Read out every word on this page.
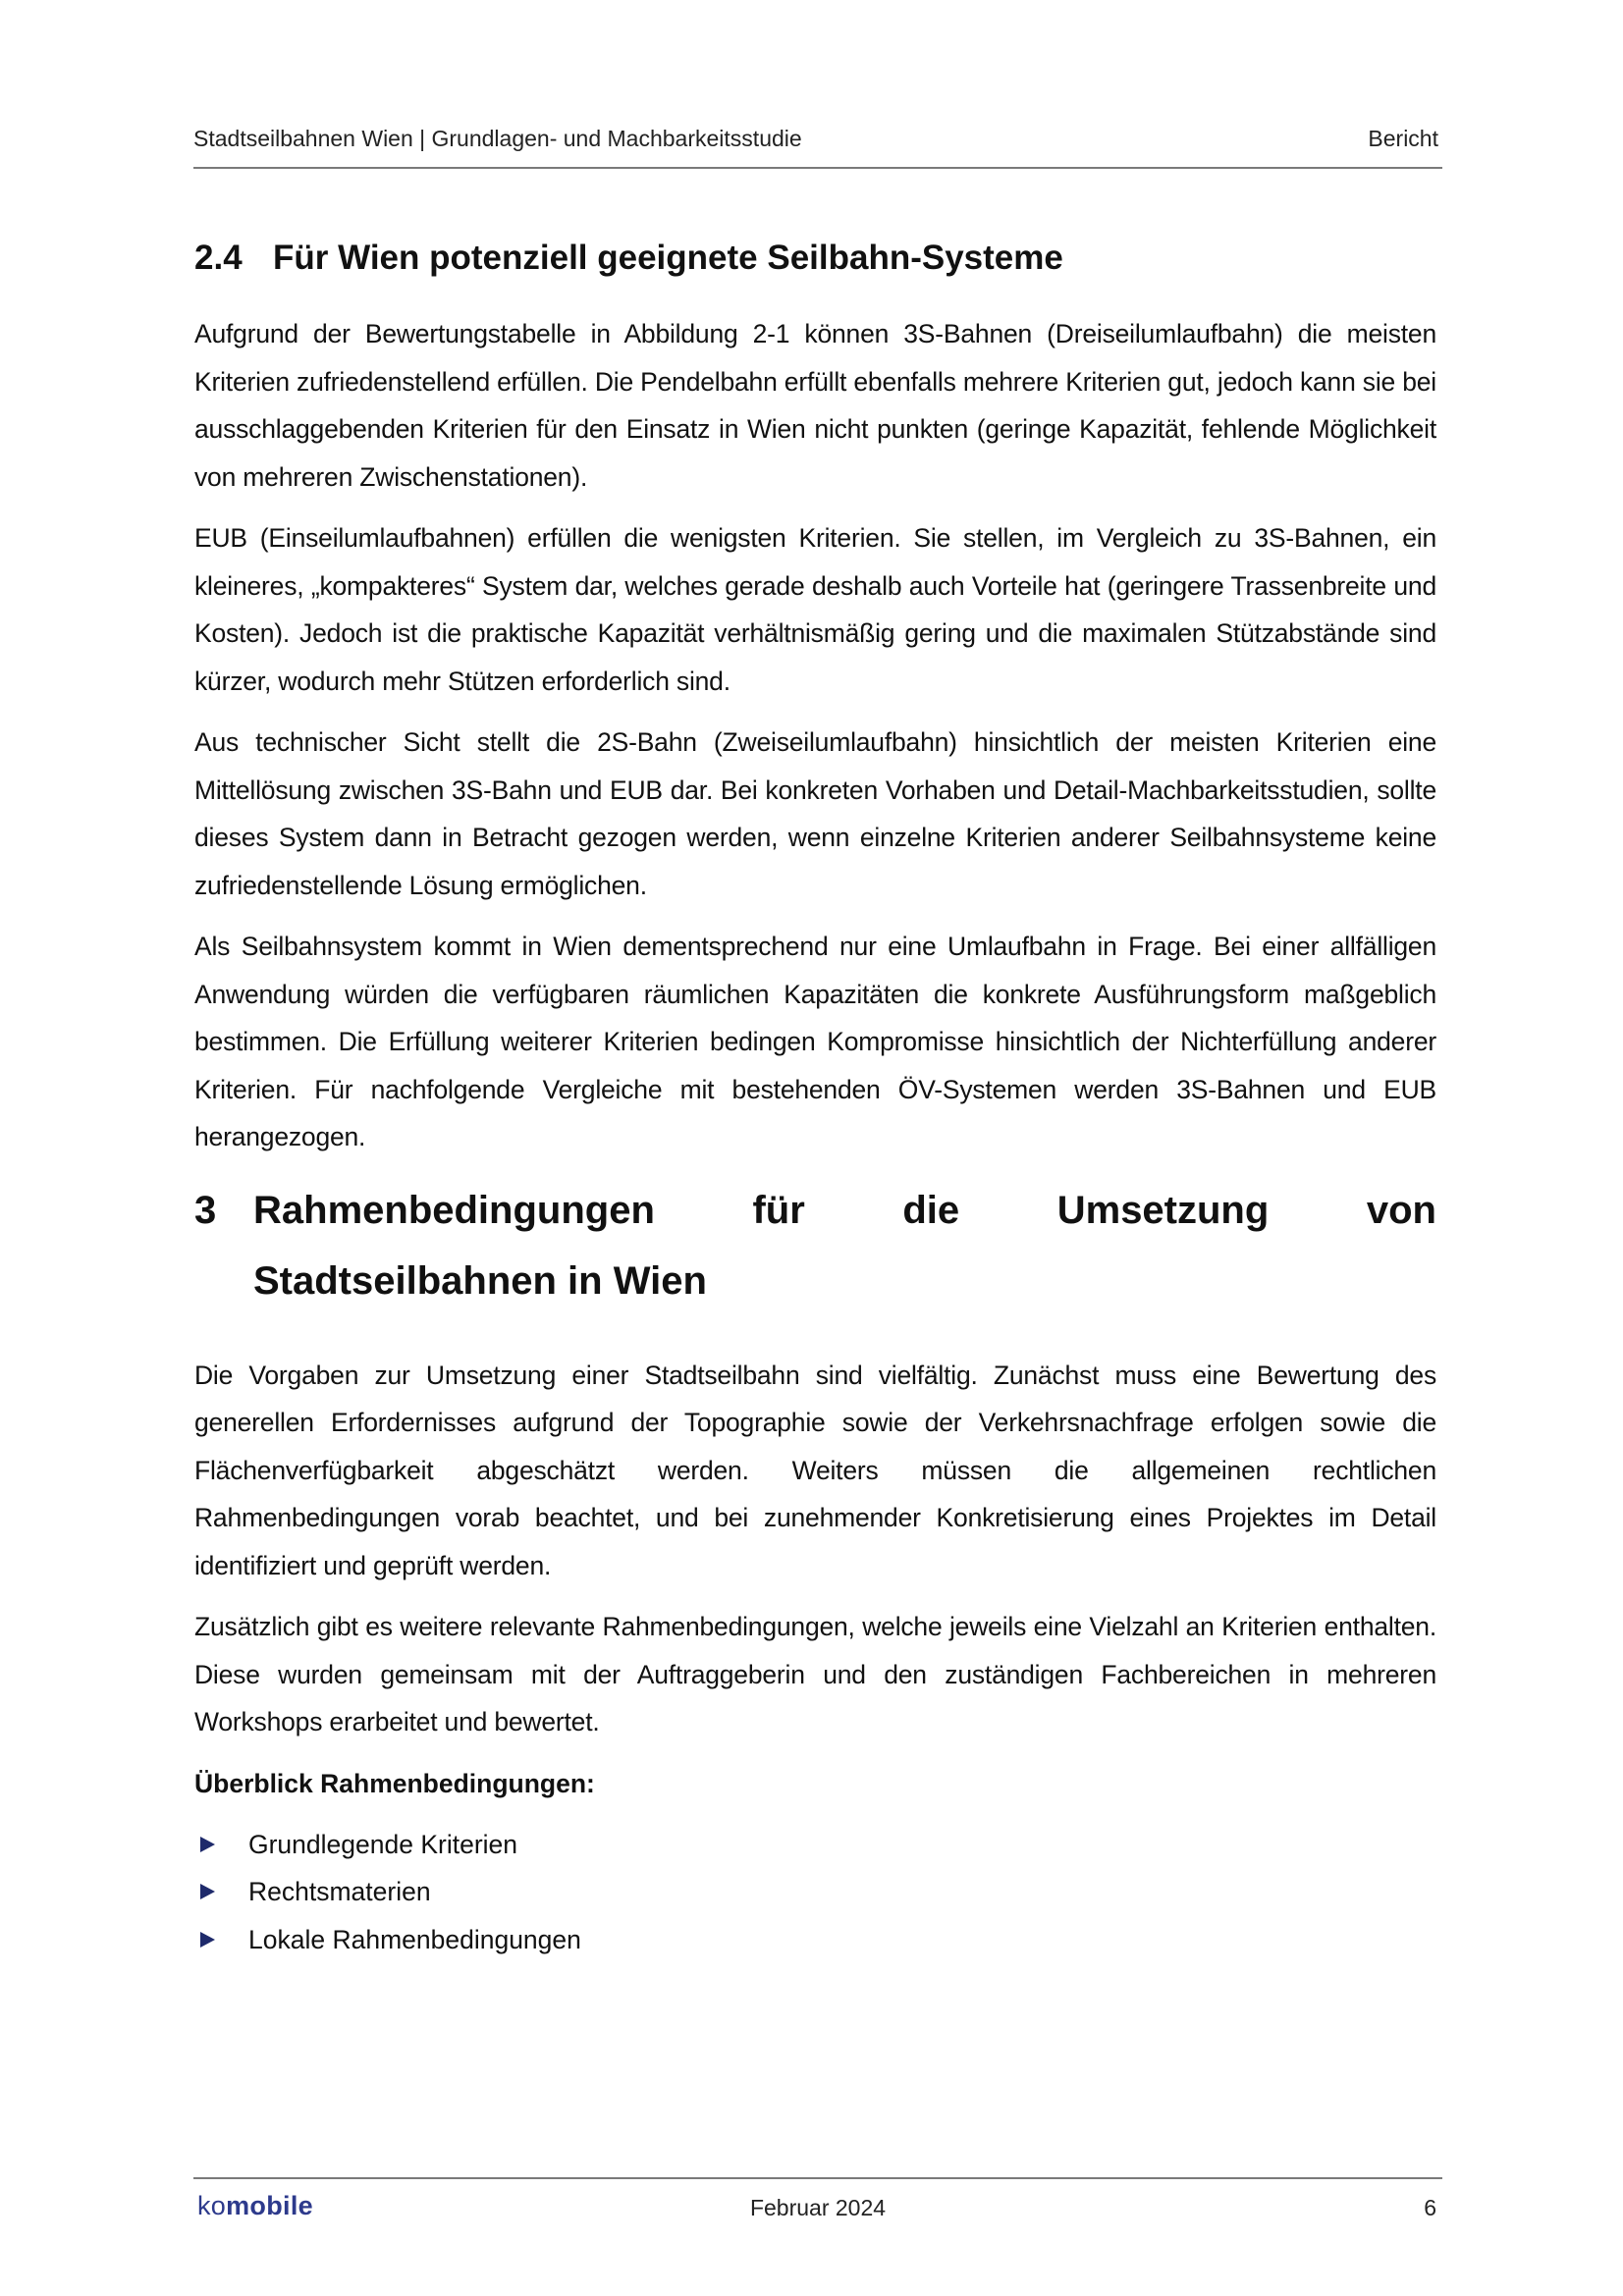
Stadtseilbahnen Wien | Grundlagen- und Machbarkeitsstudie	Bericht
2.4 Für Wien potenziell geeignete Seilbahn-Systeme

Aufgrund der Bewertungstabelle in Abbildung 2-1 können 3S-Bahnen (Dreiseilumlaufbahn) die meisten Kriterien zufriedenstellend erfüllen. Die Pendelbahn erfüllt ebenfalls mehrere Kriterien gut, jedoch kann sie bei ausschlaggebenden Kriterien für den Einsatz in Wien nicht punkten (geringe Kapazität, fehlende Möglichkeit von mehreren Zwischenstationen).

EUB (Einseilumlaufbahnen) erfüllen die wenigsten Kriterien. Sie stellen, im Vergleich zu 3S-Bahnen, ein kleineres, „kompakteres“ System dar, welches gerade deshalb auch Vorteile hat (geringere Trassenbreite und Kosten). Jedoch ist die praktische Kapazität verhältnismäßig gering und die maximalen Stützabstände sind kürzer, wodurch mehr Stützen erforderlich sind.

Aus technischer Sicht stellt die 2S-Bahn (Zweiseilumlaufbahn) hinsichtlich der meisten Kriterien eine Mittellösung zwischen 3S-Bahn und EUB dar. Bei konkreten Vorhaben und Detail-Machbarkeitsstudien, sollte dieses System dann in Betracht gezogen werden, wenn einzelne Kriterien anderer Seilbahnsysteme keine zufriedenstellende Lösung ermöglichen.

Als Seilbahnsystem kommt in Wien dementsprechend nur eine Umlaufbahn in Frage. Bei einer allfälligen Anwendung würden die verfügbaren räumlichen Kapazitäten die konkrete Ausführungsform maßgeblich bestimmen. Die Erfüllung weiterer Kriterien bedingen Kompromisse hinsichtlich der Nichterfüllung anderer Kriterien. Für nachfolgende Vergleiche mit bestehenden ÖV-Systemen werden 3S-Bahnen und EUB herangezogen.

3 Rahmenbedingungen für die Umsetzung von
Stadtseilbahnen in Wien

Die Vorgaben zur Umsetzung einer Stadtseilbahn sind vielfältig. Zunächst muss eine Bewertung des generellen Erfordernisses aufgrund der Topographie sowie der Verkehrsnachfrage erfolgen sowie die Flächenverfügbarkeit abgeschätzt werden. Weiters müssen die allgemeinen rechtlichen Rahmenbedingungen vorab beachtet, und bei zunehmender Konkretisierung eines Projektes im Detail identifiziert und geprüft werden.

Zusätzlich gibt es weitere relevante Rahmenbedingungen, welche jeweils eine Vielzahl an Kriterien enthalten. Diese wurden gemeinsam mit der Auftraggeberin und den zuständigen Fachbereichen in mehreren Workshops erarbeitet und bewertet.

Überblick Rahmenbedingungen:
Grundlegende Kriterien
Rechtsmaterien
Lokale Rahmenbedingungen
komobile	Februar 2024	6
